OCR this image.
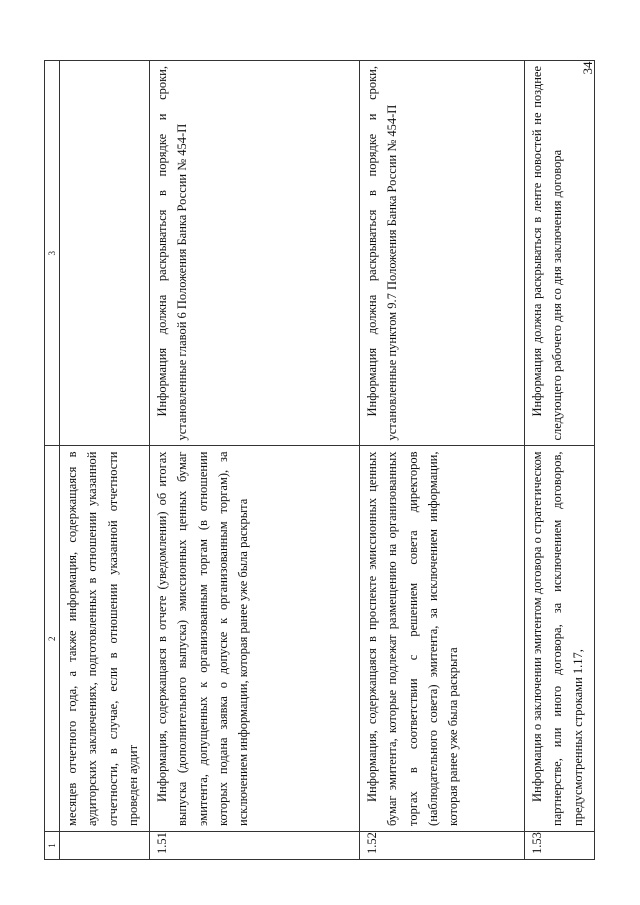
34
1	2	3
	месяцев отчетного года, а также информация, содержащаяся в аудиторских заключениях, подготовленных в отношении указанной отчетности, в случае, если в отношении указанной отчетности проведен аудит	
1.51	Информация, содержащаяся в отчете (уведомлении) об итогах выпуска (дополнительного выпуска) эмиссионных ценных бумаг эмитента, допущенных к организованным торгам (в отношении которых подана заявка о допуске к организованным торгам), за исключением информации, которая ранее уже была раскрыта	Информация должна раскрываться в порядке и сроки, установленные главой 6 Положения Банка России № 454-П
1.52	Информация, содержащаяся в проспекте эмиссионных ценных бумаг эмитента, которые подлежат размещению на организованных торгах в соответствии с решением совета директоров (наблюдательного совета) эмитента, за исключением информации, которая ранее уже была раскрыта	Информация должна раскрываться в порядке и сроки, установленные пунктом 9.7 Положения Банка России № 454-П
1.53	Информация о заключении эмитентом договора о стратегическом партнерстве, или иного договора, за исключением договоров, предусмотренных строками 1.17,	Информация должна раскрываться в ленте новостей не позднее следующего рабочего дня со дня заключения договора
